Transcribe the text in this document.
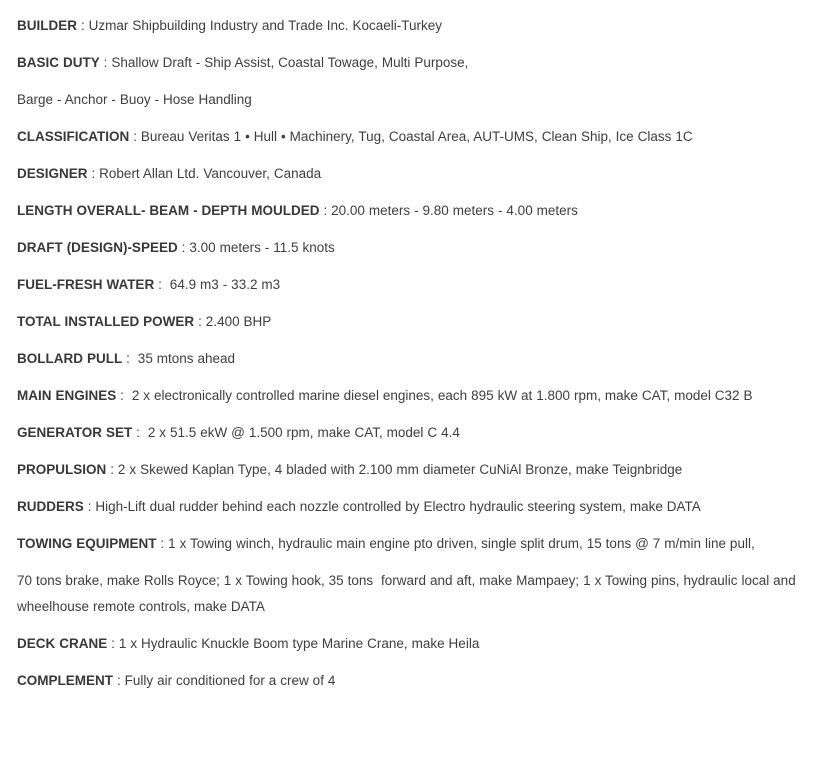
BUILDER : Uzmar Shipbuilding Industry and Trade Inc. Kocaeli-Turkey

BASIC DUTY : Shallow Draft - Ship Assist, Coastal Towage, Multi Purpose,

Barge - Anchor - Buoy - Hose Handling

CLASSIFICATION : Bureau Veritas 1 • Hull • Machinery, Tug, Coastal Area, AUT-UMS, Clean Ship, Ice Class 1C

DESIGNER : Robert Allan Ltd. Vancouver, Canada

LENGTH OVERALL- BEAM - DEPTH MOULDED : 20.00 meters - 9.80 meters - 4.00 meters

DRAFT (DESIGN)-SPEED : 3.00 meters - 11.5 knots

FUEL-FRESH WATER :  64.9 m3 - 33.2 m3

TOTAL INSTALLED POWER : 2.400 BHP

BOLLARD PULL :  35 mtons ahead

MAIN ENGINES :  2 x electronically controlled marine diesel engines, each 895 kW at 1.800 rpm, make CAT, model C32 B

GENERATOR SET :  2 x 51.5 ekW @ 1.500 rpm, make CAT, model C 4.4

PROPULSION : 2 x Skewed Kaplan Type, 4 bladed with 2.100 mm diameter CuNiAl Bronze, make Teignbridge

RUDDERS : High-Lift dual rudder behind each nozzle controlled by Electro hydraulic steering system, make DATA

TOWING EQUIPMENT : 1 x Towing winch, hydraulic main engine pto driven, single split drum, 15 tons @ 7 m/min line pull,

70 tons brake, make Rolls Royce; 1 x Towing hook, 35 tons  forward and aft, make Mampaey; 1 x Towing pins, hydraulic local and wheelhouse remote controls, make DATA

DECK CRANE : 1 x Hydraulic Knuckle Boom type Marine Crane, make Heila

COMPLEMENT : Fully air conditioned for a crew of 4
